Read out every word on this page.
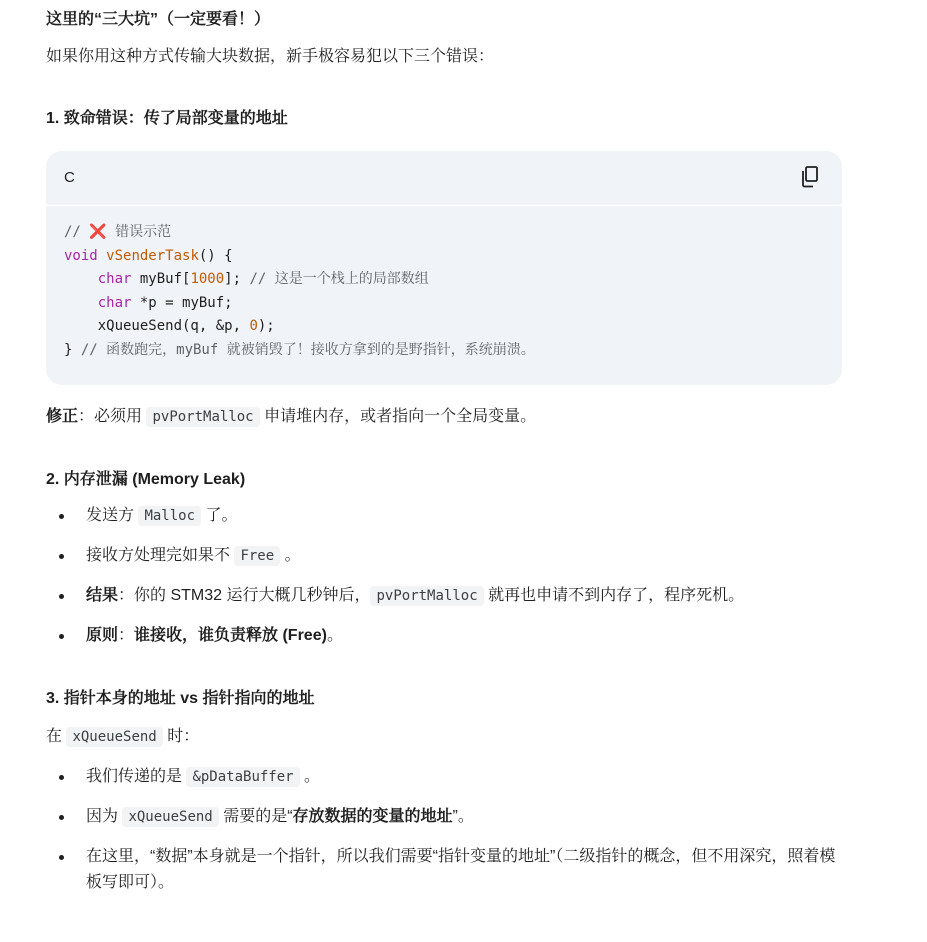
这里的“三大坑”（一定要看！）
如果你用这种方式传输大块数据，新手极容易犯以下三个错误：
1. 致命错误：传了局部变量的地址
C
// ❌ 错误示范
void vSenderTask() {
char myBuf[1000]; // 这是一个栈上的局部数组
char *p = myBuf;
xQueueSend(q, &p, 0);
} // 函数跑完，myBuf 就被销毁了！接收方拿到的是野指针，系统崩溃。
修正：必须用 pvPortMalloc 申请堆内存，或者指向一个全局变量。
2. 内存泄漏 (Memory Leak)
发送方 Malloc 了。
接收方处理完如果不 Free 。
结果：你的 STM32 运行大概几秒钟后， pvPortMalloc 就再也申请不到内存了，程序死机。
原则：谁接收，谁负责释放 (Free)。
3. 指针本身的地址 vs 指针指向的地址
在 xQueueSend 时：
我们传递的是 &pDataBuffer 。
因为 xQueueSend 需要的是“存放数据的变量的地址”。
在这里，“数据”本身就是一个指针，所以我们需要“指针变量的地址”（二级指针的概念，但不用深究，照着模板写即可）。
